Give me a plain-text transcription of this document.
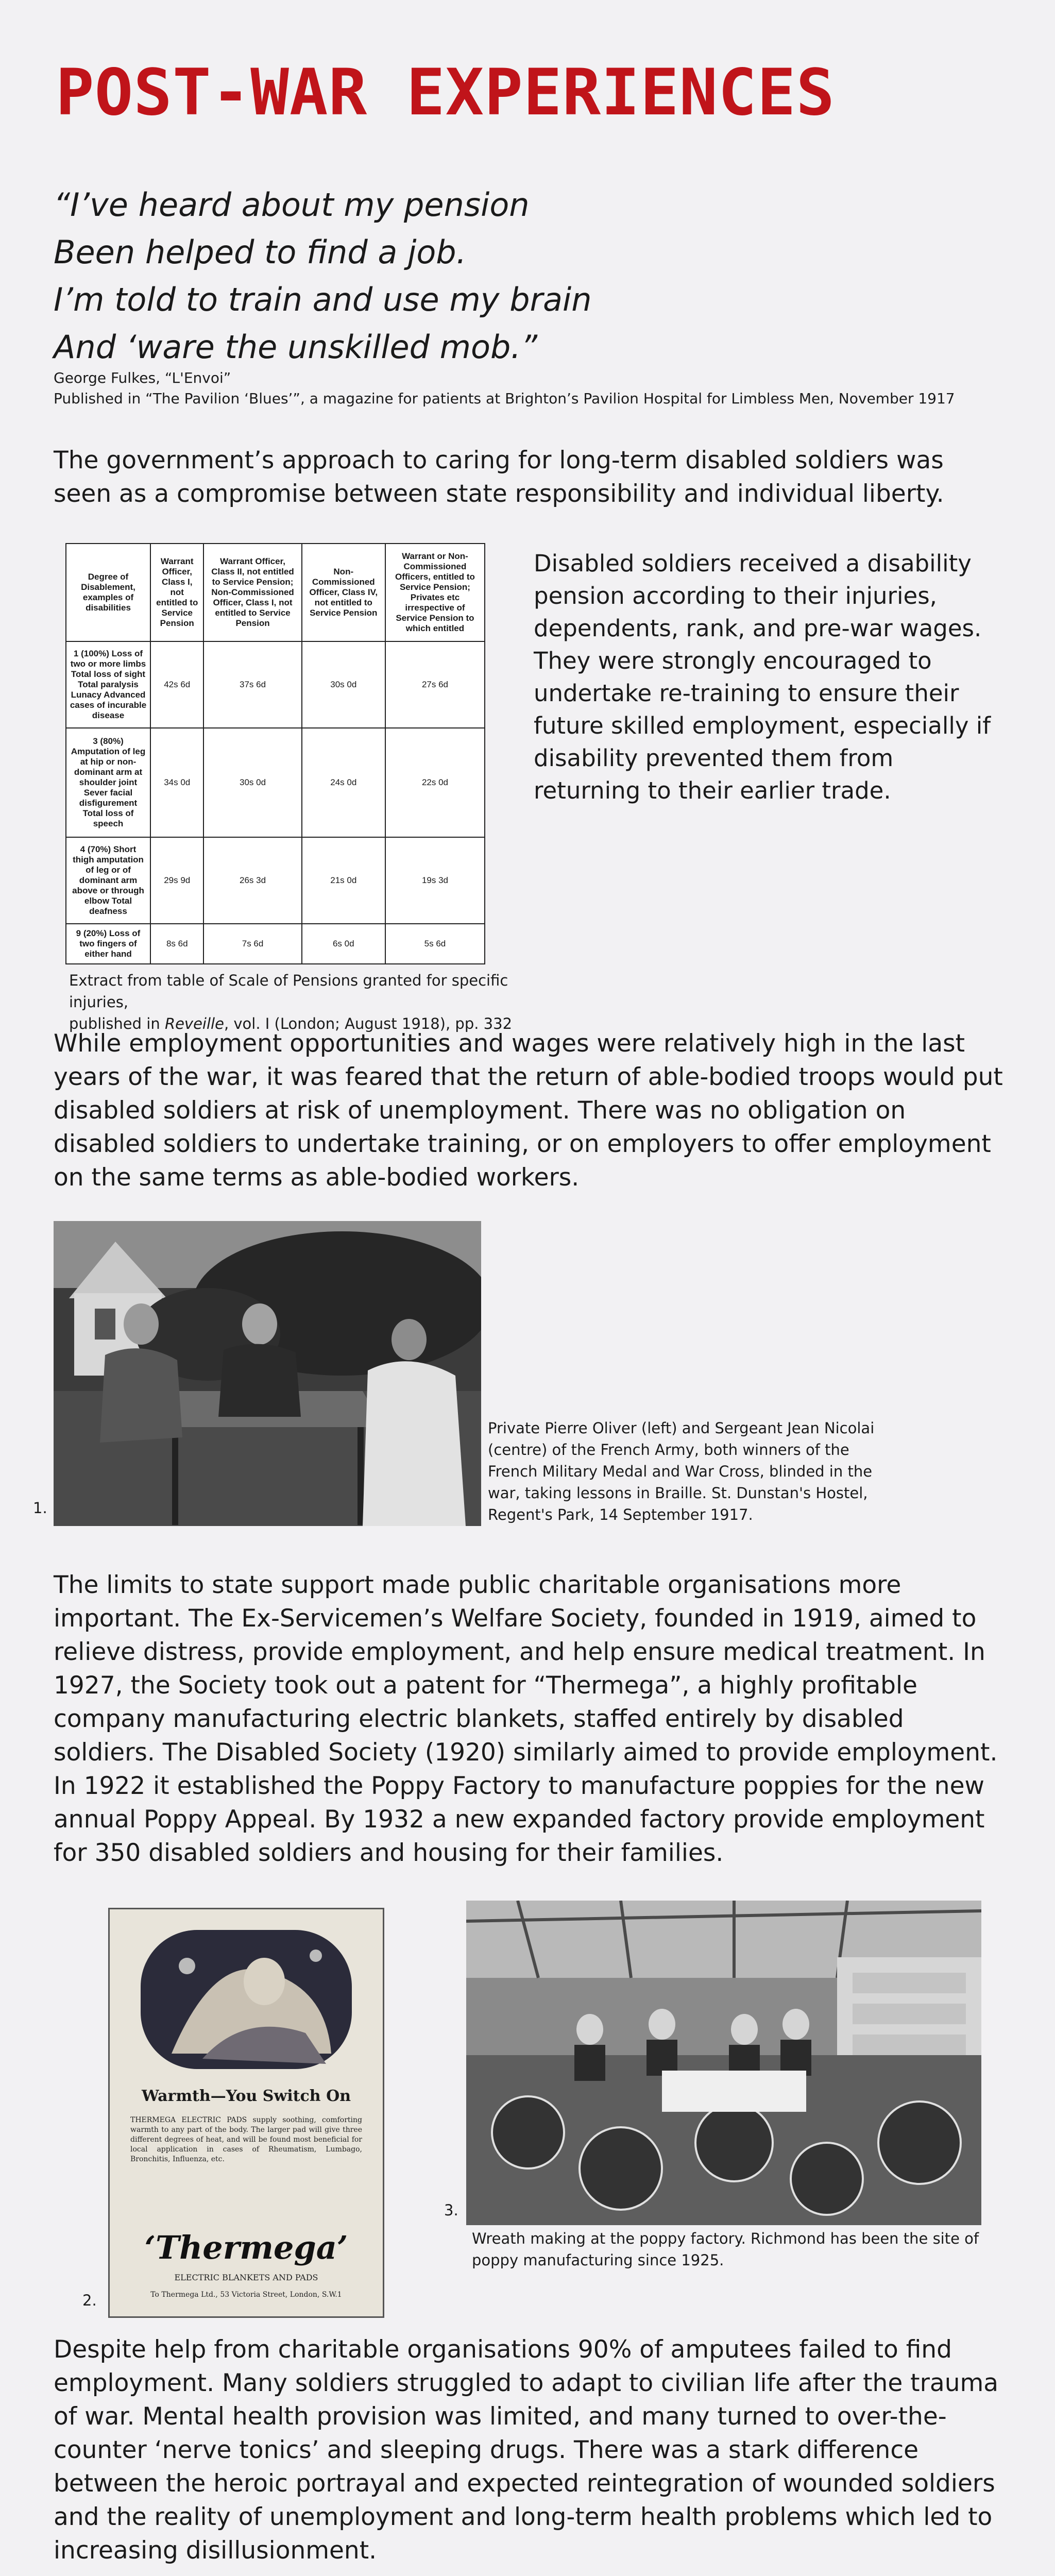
POST-WAR EXPERIENCES
“I’ve heard about my pension
Been helped to find a job.
I’m told to train and use my brain
And ‘ware the unskilled mob.”
George Fulkes, “L'Envoi”
Published in “The Pavilion ‘Blues’”, a magazine for patients at Brighton’s Pavilion Hospital for Limbless Men, November 1917
The government’s approach to caring for long-term disabled soldiers was seen as a compromise between state responsibility and individual liberty.
Degree of Disablement, examples of disabilities	Warrant Officer, Class I, not entitled to Service Pension	Warrant Officer, Class II, not entitled to Service Pension; Non-Commissioned Officer, Class I, not entitled to Service Pension	Non-Commissioned Officer, Class IV, not entitled to Service Pension	Warrant or Non-Commissioned Officers, entitled to Service Pension; Privates etc irrespective of Service Pension to which entitled
1 (100%) Loss of two or more limbs Total loss of sight Total paralysis Lunacy Advanced cases of incurable disease	42s 6d	37s 6d	30s 0d	27s 6d
3 (80%) Amputation of leg at hip or non-dominant arm at shoulder joint Sever facial disfigurement Total loss of speech	34s 0d	30s 0d	24s 0d	22s 0d
4 (70%) Short thigh amputation of leg or of dominant arm above or through elbow Total deafness	29s 9d	26s 3d	21s 0d	19s 3d
9 (20%) Loss of two fingers of either hand	8s 6d	7s 6d	6s 0d	5s 6d
Extract from table of Scale of Pensions granted for specific injuries,
published in Reveille, vol. I (London; August 1918), pp. 332
Disabled soldiers received a disability pension according to their injuries, dependents, rank, and pre-war wages. They were strongly encouraged to undertake re-training to ensure their future skilled employment, especially if disability prevented them from returning to their earlier trade.
While employment opportunities and wages were relatively high in the last years of the war, it was feared that the return of able-bodied troops would put disabled soldiers at risk of unemployment. There was no obligation on disabled soldiers to undertake training, or on employers to offer employment on the same terms as able-bodied workers.
1.
Private Pierre Oliver (left) and Sergeant Jean Nicolai (centre) of the French Army, both winners of the French Military Medal and War Cross, blinded in the war, taking lessons in Braille. St. Dunstan's Hostel, Regent's Park, 14 September 1917.
The limits to state support made public charitable organisations more important. The Ex-Servicemen’s Welfare Society, founded in 1919, aimed to relieve distress, provide employment, and help ensure medical treatment. In 1927, the Society took out a patent for “Thermega”, a highly profitable company manufacturing electric blankets, staffed entirely by disabled soldiers. The Disabled Society (1920) similarly aimed to provide employment. In 1922 it established the Poppy Factory to manufacture poppies for the new annual Poppy Appeal. By 1932 a new expanded factory provide employment for 350 disabled soldiers and housing for their families.
Warmth—You Switch On
THERMEGA ELECTRIC PADS supply soothing, comforting warmth to any part of the body. The larger pad will give three different degrees of heat, and will be found most beneficial for local application in cases of Rheumatism, Lumbago, Bronchitis, Influenza, etc.
‘Thermega’
ELECTRIC BLANKETS AND PADS
To Thermega Ltd., 53 Victoria Street, London, S.W.1
2.
3.
Wreath making at the poppy factory. Richmond has been the site of poppy manufacturing since 1925.
Despite help from charitable organisations 90% of amputees failed to find employment. Many soldiers struggled to adapt to civilian life after the trauma of war. Mental health provision was limited, and many turned to over-the-counter ‘nerve tonics’ and sleeping drugs. There was a stark difference between the heroic portrayal and expected reintegration of wounded soldiers and the reality of unemployment and long-term health problems which led to increasing disillusionment.
